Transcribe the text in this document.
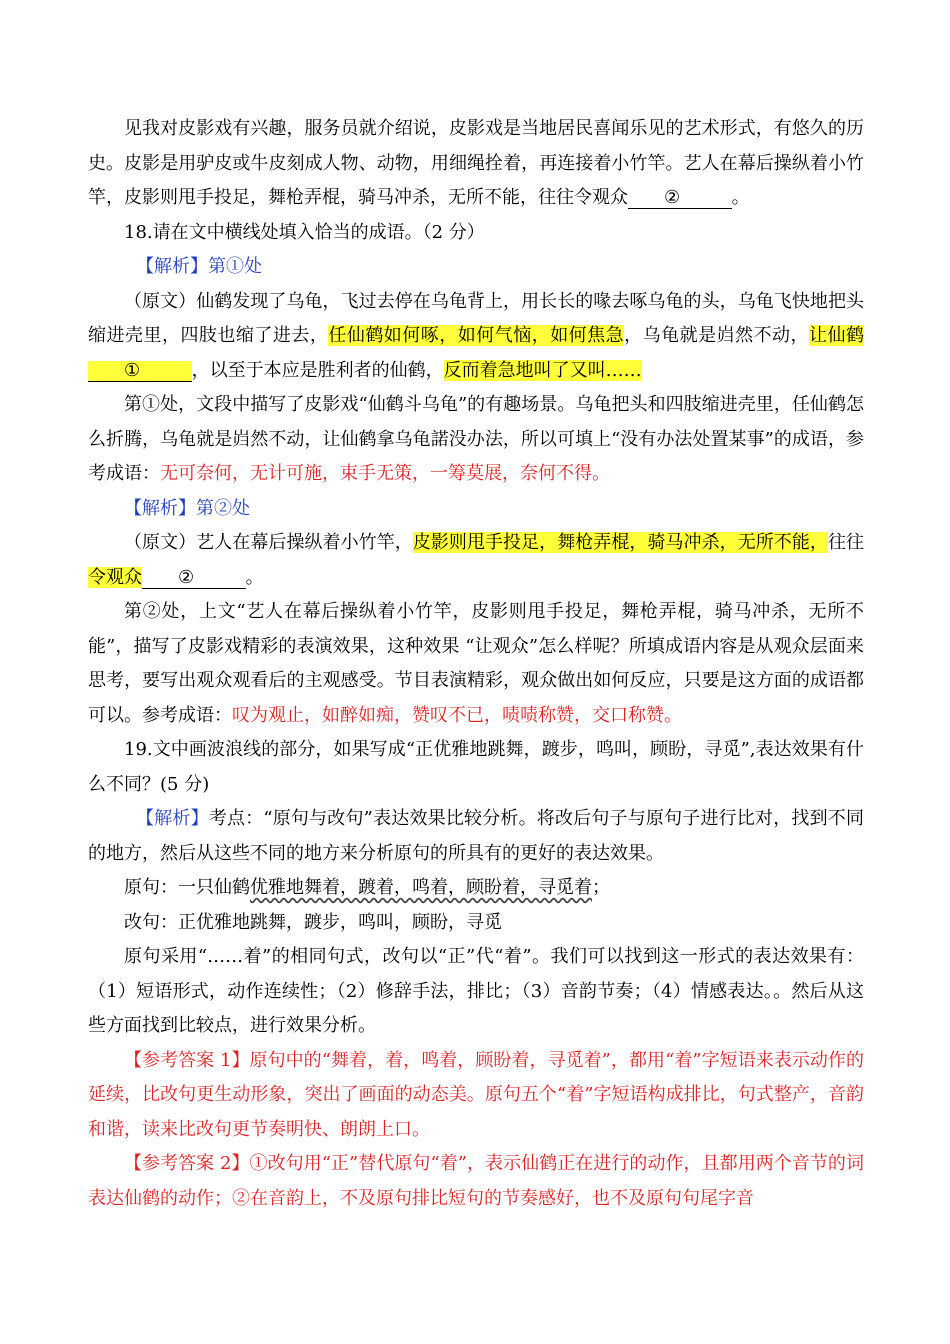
见我对皮影戏有兴趣，服务员就介绍说，皮影戏是当地居民喜闻乐见的艺术形式，有悠久的历史。皮影是用驴皮或牛皮刻成人物、动物，用细绳拴着，再连接着小竹竿。艺人在幕后操纵着小竹竿，皮影则甩手投足，舞枪弄棍，骑马冲杀，无所不能，往往令观众 ②	。

18.请在文中横线处填入恰当的成语。（2 分）

【解析】第①处

（原文）仙鹤发现了乌龟，飞过去停在乌龟背上，用长长的喙去啄乌龟的头，乌龟飞快地把头缩进壳里，四肢也缩了进去，任仙鹤如何啄，如何气恼，如何焦急，乌龟就是岿然不动，让仙鹤①	，以至于本应是胜利者的仙鹤，反而着急地叫了又叫……

第①处，文段中描写了皮影戏“仙鹤斗乌龟”的有趣场景。乌龟把头和四肢缩进壳里，任仙鹤怎么折腾，乌龟就是岿然不动，让仙鹤拿乌龟諾没办法，所以可填上“没有办法处置某事”的成语，参考成语：无可奈何，无计可施，束手无策，一筹莫展，奈何不得。

【解析】第②处

（原文）艺人在幕后操纵着小竹竿，皮影则甩手投足，舞枪弄棍，骑马冲杀，无所不能，往往令观众 ②	。

第②处，上文“艺人在幕后操纵着小竹竿，皮影则甩手投足，舞枪弄棍，骑马冲杀，无所不能”，描写了皮影戏精彩的表演效果，这种效果 “让观众”怎么样呢？所填成语内容是从观众层面来思考，要写出观众观看后的主观感受。节目表演精彩，观众做出如何反应，只要是这方面的成语都可以。参考成语：叹为观止，如醉如痴，赞叹不已，啧啧称赞，交口称赞。

19.文中画波浪线的部分，如果写成“正优雅地跳舞，踱步，鸣叫，顾盼，寻觅”,表达效果有什么不同？(5 分)

【解析】考点：“原句与改句”表达效果比较分析。将改后句子与原句子进行比对，找到不同的地方，然后从这些不同的地方来分析原句的所具有的更好的表达效果。

原句：一只仙鹤优雅地舞着，踱着，鸣着，顾盼着，寻觅着；

改句：正优雅地跳舞，踱步，鸣叫，顾盼，寻觅

原句采用“……着”的相同句式，改句以“正”代“着”。我们可以找到这一形式的表达效果有：（1）短语形式，动作连续性；（2）修辞手法，排比；（3）音韵节奏；（4）情感表达。。然后从这些方面找到比较点，进行效果分析。

【参考答案 1】原句中的“舞着，着，鸣着，顾盼着，寻觅着”，都用“着”字短语来表示动作的延续，比改句更生动形象，突出了画面的动态美。原句五个“着”字短语构成排比，句式整产，音韵和谐，读来比改句更节奏明快、朗朗上口。

【参考答案 2】①改句用“正”替代原句“着”，表示仙鹤正在进行的动作，且都用两个音节的词表达仙鹤的动作；②在音韵上，不及原句排比短句的节奏感好，也不及原句句尾字音
